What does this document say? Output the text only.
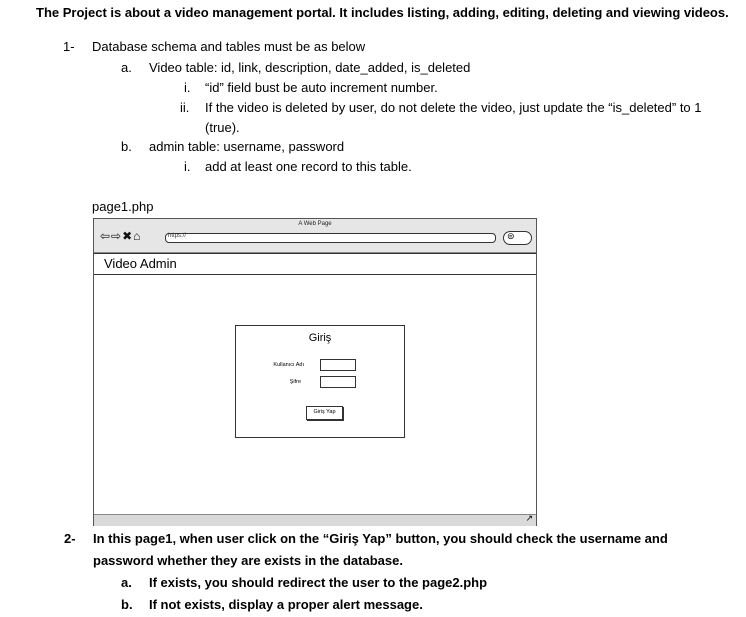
The Project is about a video management portal. It includes listing, adding, editing, deleting and viewing videos.
1- Database schema and tables must be as below
a. Video table: id, link, description, date_added, is_deleted
i. “id” field bust be auto increment number.
ii. If the video is deleted by user, do not delete the video, just update the “is_deleted” to 1
(true).
b. admin table: username, password
i. add at least one record to this table.
page1.php
A Web Page
⇦⇨✖⌂	https://	⊜
Video Admin
Giriş
Kullanıcı Adı
Şifre
Giriş Yap
↗
2- In this page1, when user click on the “Giriş Yap” button, you should check the username and
password whether they are exists in the database.
a. If exists, you should redirect the user to the page2.php
b. If not exists, display a proper alert message.
